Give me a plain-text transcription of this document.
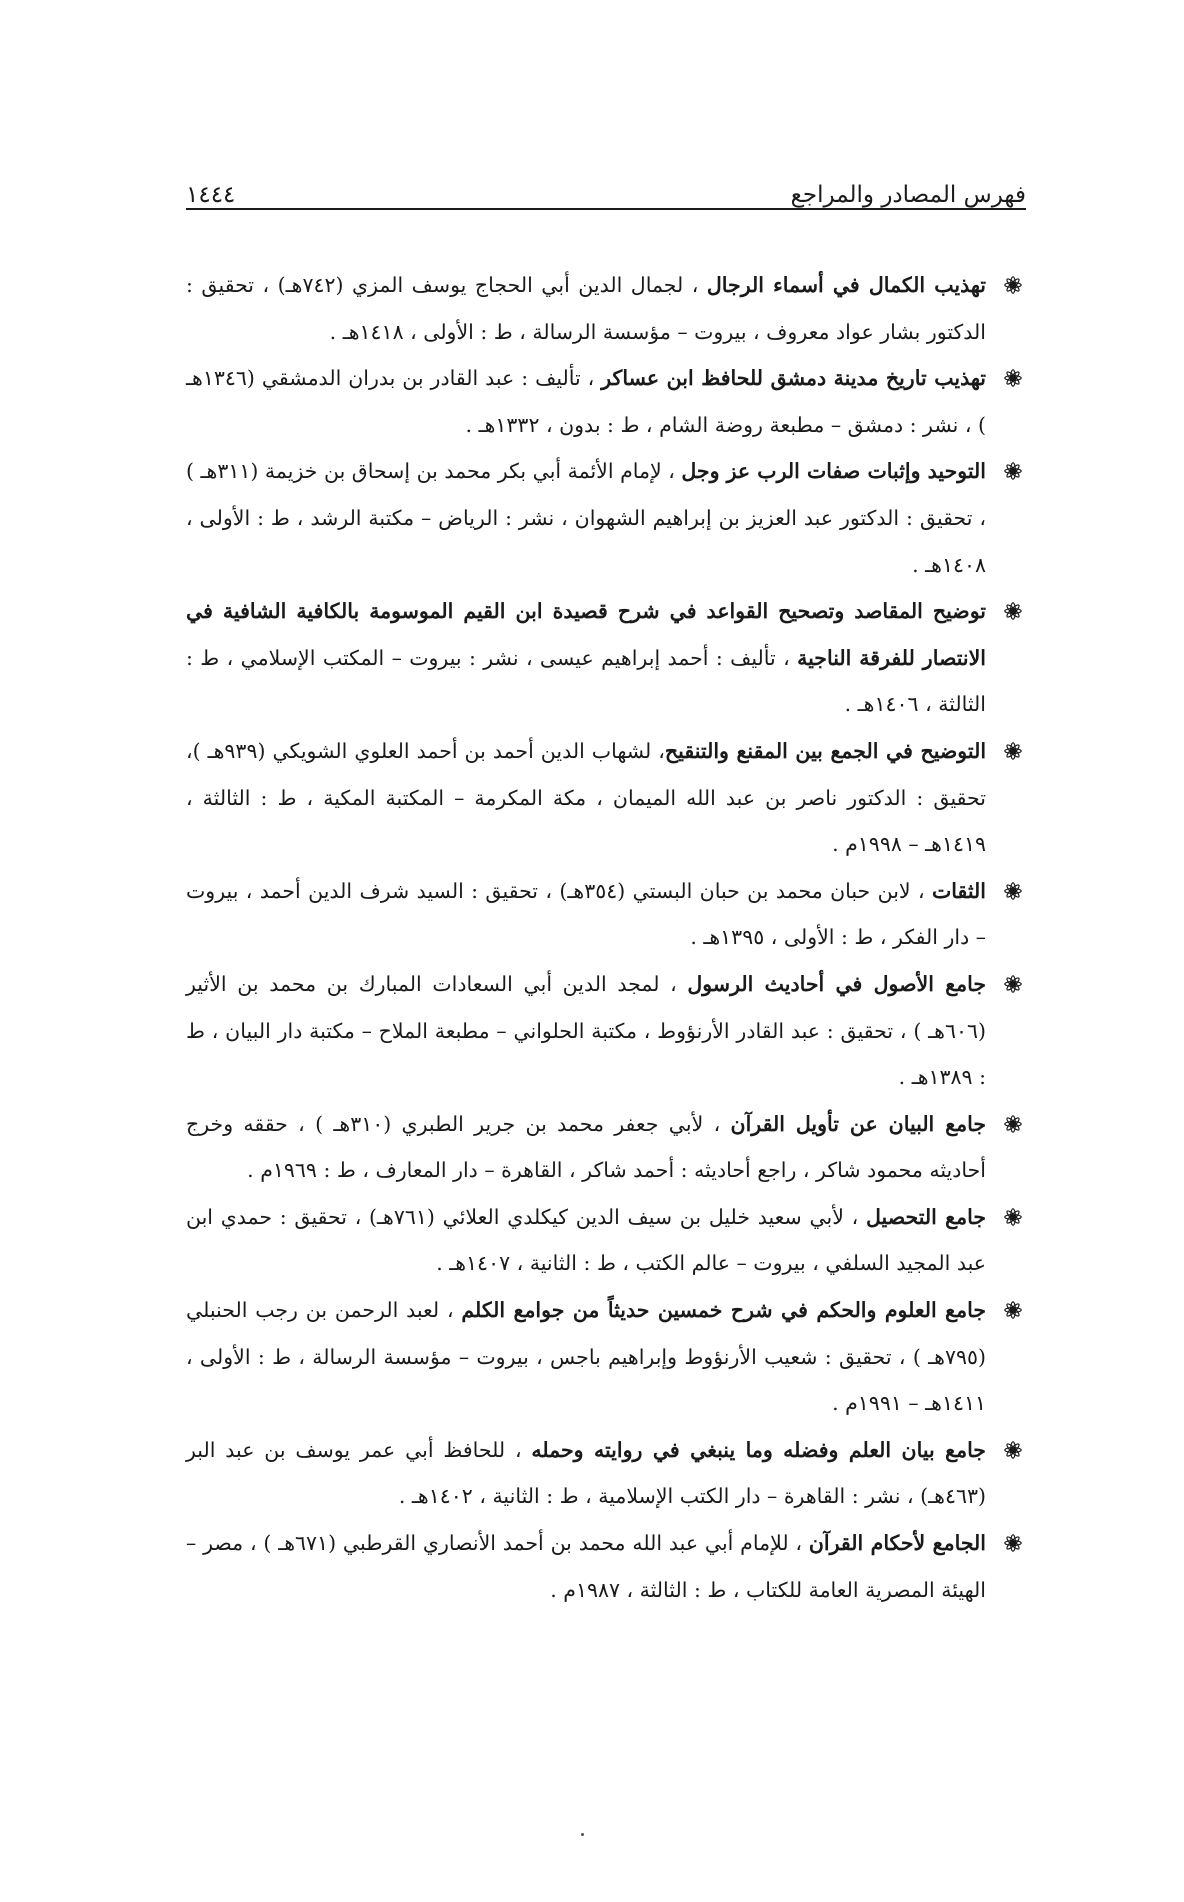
فهرس المصادر والمراجع
١٤٤٤
تهذيب الكمال في أسماء الرجال ، لجمال الدين أبي الحجاج يوسف المزي (٧٤٢هـ) ، تحقيق : الدكتور بشار عواد معروف ، بيروت – مؤسسة الرسالة ، ط : الأولى ، ١٤١٨هـ .
تهذيب تاريخ مدينة دمشق للحافظ ابن عساكر ، تأليف : عبد القادر بن بدران الدمشقي (١٣٤٦هـ ) ، نشر : دمشق – مطبعة روضة الشام ، ط : بدون ، ١٣٣٢هـ .
التوحيد وإثبات صفات الرب عز وجل ، لإمام الأئمة أبي بكر محمد بن إسحاق بن خزيمة (٣١١هـ ) ، تحقيق : الدكتور عبد العزيز بن إبراهيم الشهوان ، نشر : الرياض – مكتبة الرشد ، ط : الأولى ، ١٤٠٨هـ .
توضيح المقاصد وتصحيح القواعد في شرح قصيدة ابن القيم الموسومة بالكافية الشافية في الانتصار للفرقة الناجية ، تأليف : أحمد إبراهيم عيسى ، نشر : بيروت – المكتب الإسلامي ، ط : الثالثة ، ١٤٠٦هـ .
التوضيح في الجمع بين المقنع والتنقيح، لشهاب الدين أحمد بن أحمد العلوي الشويكي (٩٣٩هـ )، تحقيق : الدكتور ناصر بن عبد الله الميمان ، مكة المكرمة – المكتبة المكية ، ط : الثالثة ، ١٤١٩هـ – ١٩٩٨م .
الثقات ، لابن حبان محمد بن حبان البستي (٣٥٤هـ) ، تحقيق : السيد شرف الدين أحمد ، بيروت – دار الفكر ، ط : الأولى ، ١٣٩٥هـ .
جامع الأصول في أحاديث الرسول ، لمجد الدين أبي السعادات المبارك بن محمد بن الأثير (٦٠٦هـ ) ، تحقيق : عبد القادر الأرنؤوط ، مكتبة الحلواني – مطبعة الملاح – مكتبة دار البيان ، ط : ١٣٨٩هـ .
جامع البيان عن تأويل القرآن ، لأبي جعفر محمد بن جرير الطبري (٣١٠هـ ) ، حققه وخرج أحاديثه محمود شاكر ، راجع أحاديثه : أحمد شاكر ، القاهرة – دار المعارف ، ط : ١٩٦٩م .
جامع التحصيل ، لأبي سعيد خليل بن سيف الدين كيكلدي العلائي (٧٦١هـ) ، تحقيق : حمدي ابن عبد المجيد السلفي ، بيروت – عالم الكتب ، ط : الثانية ، ١٤٠٧هـ .
جامع العلوم والحكم في شرح خمسين حديثاً من جوامع الكلم ، لعبد الرحمن بن رجب الحنبلي (٧٩٥هـ ) ، تحقيق : شعيب الأرنؤوط وإبراهيم باجس ، بيروت – مؤسسة الرسالة ، ط : الأولى ، ١٤١١هـ – ١٩٩١م .
جامع بيان العلم وفضله وما ينبغي في روايته وحمله ، للحافظ أبي عمر يوسف بن عبد البر (٤٦٣هـ) ، نشر : القاهرة – دار الكتب الإسلامية ، ط : الثانية ، ١٤٠٢هـ .
الجامع لأحكام القرآن ، للإمام أبي عبد الله محمد بن أحمد الأنصاري القرطبي (٦٧١هـ ) ، مصر – الهيئة المصرية العامة للكتاب ، ط : الثالثة ، ١٩٨٧م .
